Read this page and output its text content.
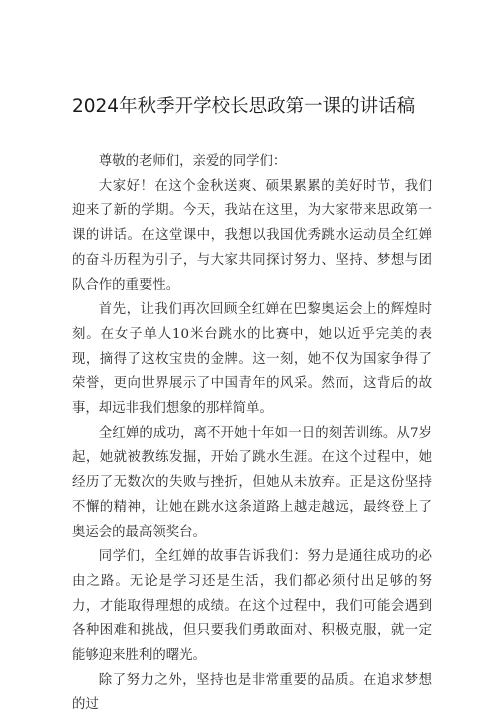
2024年秋季开学校长思政第一课的讲话稿

尊敬的老师们，亲爱的同学们：

大家好！在这个金秋送爽、硕果累累的美好时节，我们迎来了新的学期。今天，我站在这里，为大家带来思政第一课的讲话。在这堂课中，我想以我国优秀跳水运动员全红婵的奋斗历程为引子，与大家共同探讨努力、坚持、梦想与团队合作的重要性。

首先，让我们再次回顾全红婵在巴黎奥运会上的辉煌时刻。在女子单人10米台跳水的比赛中，她以近乎完美的表现，摘得了这枚宝贵的金牌。这一刻，她不仅为国家争得了荣誉，更向世界展示了中国青年的风采。然而，这背后的故事，却远非我们想象的那样简单。

全红婵的成功，离不开她十年如一日的刻苦训练。从7岁起，她就被教练发掘，开始了跳水生涯。在这个过程中，她经历了无数次的失败与挫折，但她从未放弃。正是这份坚持不懈的精神，让她在跳水这条道路上越走越远，最终登上了奥运会的最高领奖台。

同学们，全红婵的故事告诉我们：努力是通往成功的必由之路。无论是学习还是生活，我们都必须付出足够的努力，才能取得理想的成绩。在这个过程中，我们可能会遇到各种困难和挑战，但只要我们勇敢面对、积极克服，就一定能够迎来胜利的曙光。

除了努力之外，坚持也是非常重要的品质。在追求梦想的过
